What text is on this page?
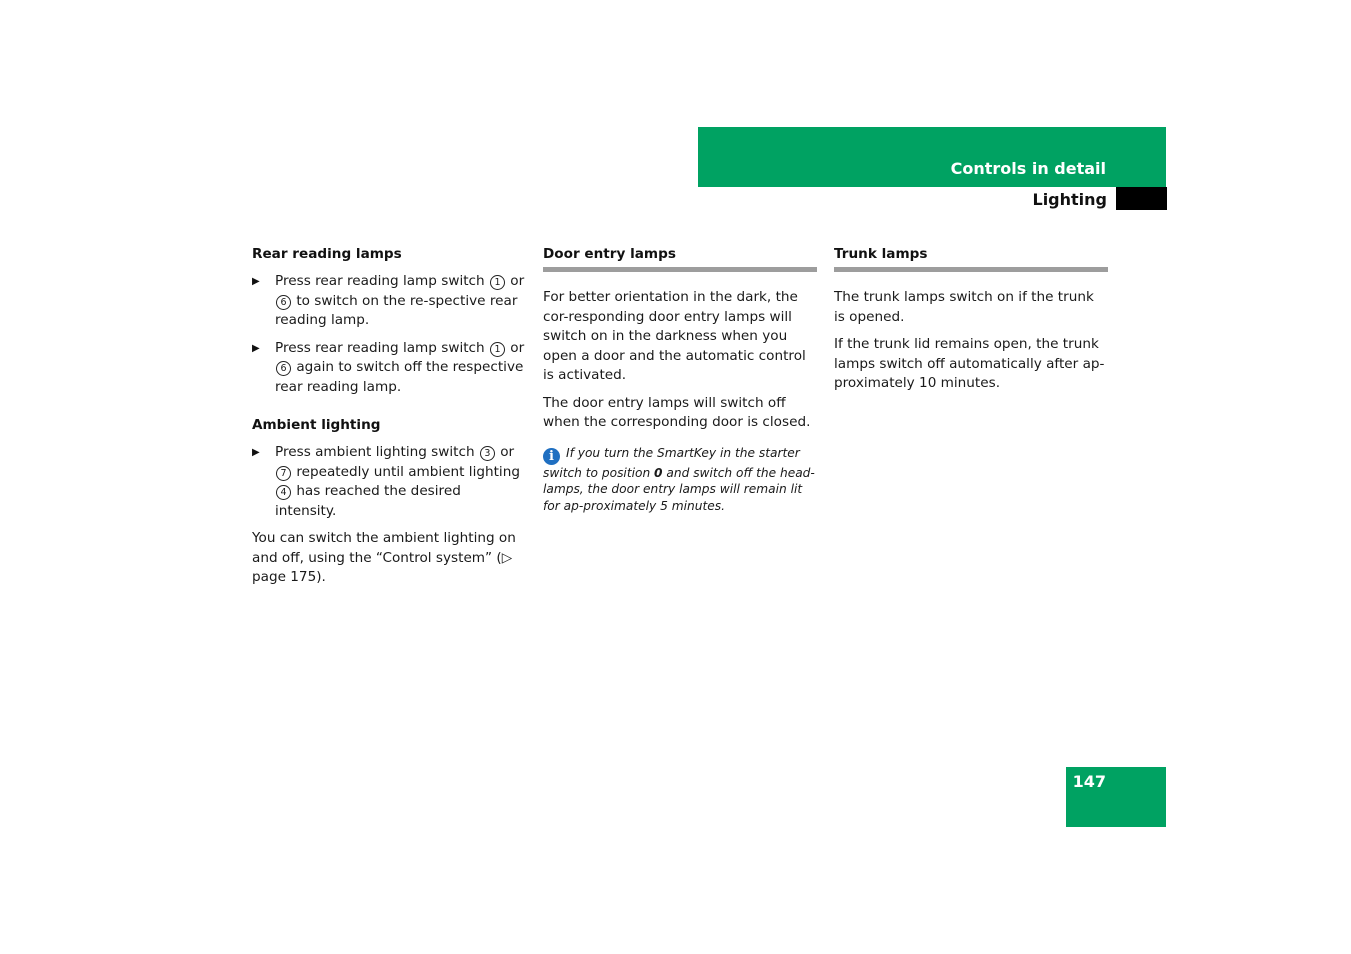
Controls in detail
Lighting
Rear reading lamps
▶ Press rear reading lamp switch 1 or 6 to switch on the re-spective rear reading lamp.
▶ Press rear reading lamp switch 1 or 6 again to switch off the respective rear reading lamp.
Ambient lighting
▶ Press ambient lighting switch 3 or 7 repeatedly until ambient lighting 4 has reached the desired intensity.

You can switch the ambient lighting on and off, using the “Control system” (▷ page 175).

Door entry lamps

For better orientation in the dark, the cor-responding door entry lamps will switch on in the darkness when you open a door and the automatic control is activated.

The door entry lamps will switch off when the corresponding door is closed.

i If you turn the SmartKey in the starter switch to position 0 and switch off the head-lamps, the door entry lamps will remain lit for ap-proximately 5 minutes.
Trunk lamps

The trunk lamps switch on if the trunk is opened.

If the trunk lid remains open, the trunk lamps switch off automatically after ap-proximately 10 minutes.

147
